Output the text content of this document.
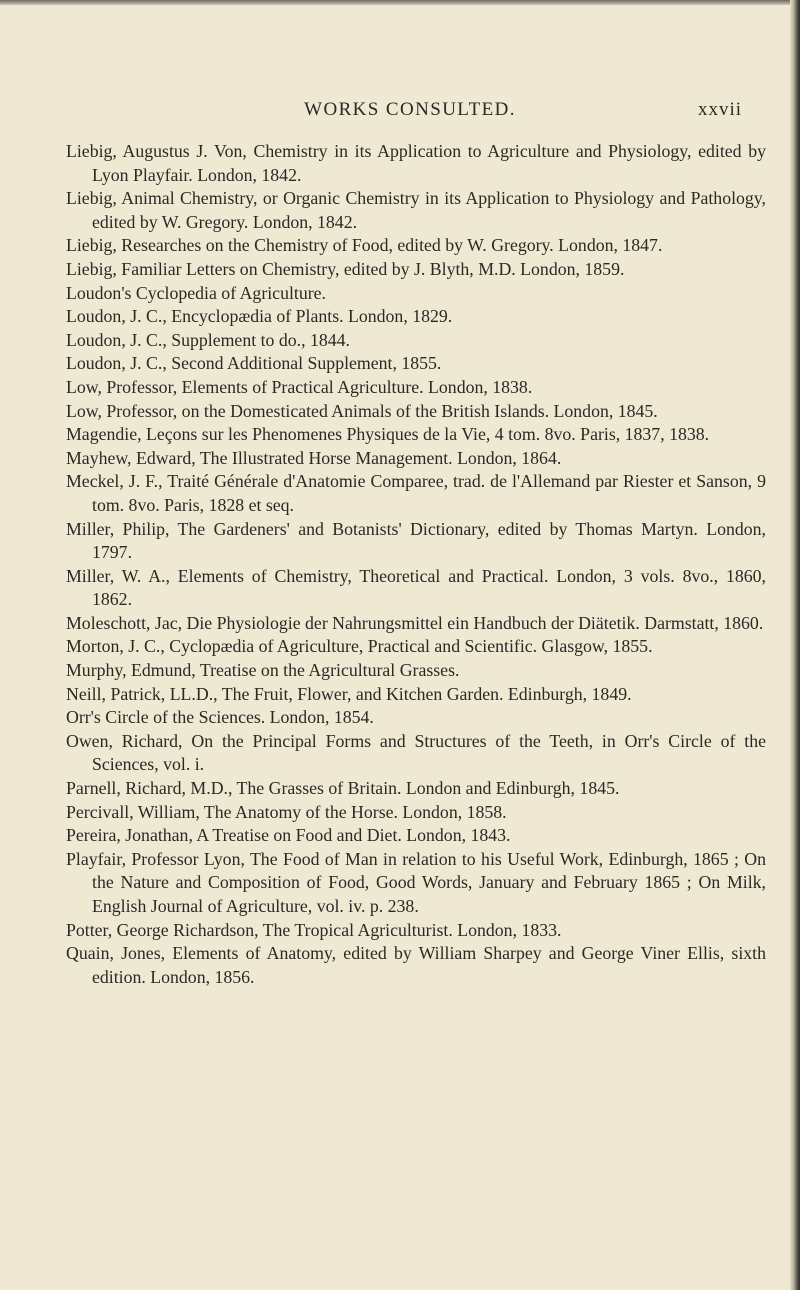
WORKS CONSULTED.	xxvii
Liebig, Augustus J. Von, Chemistry in its Application to Agriculture and Physiology, edited by Lyon Playfair. London, 1842.
Liebig, Animal Chemistry, or Organic Chemistry in its Application to Physiology and Pathology, edited by W. Gregory. London, 1842.
Liebig, Researches on the Chemistry of Food, edited by W. Gregory. London, 1847.
Liebig, Familiar Letters on Chemistry, edited by J. Blyth, M.D. London, 1859.
Loudon's Cyclopedia of Agriculture.
Loudon, J. C., Encyclopædia of Plants. London, 1829.
Loudon, J. C., Supplement to do., 1844.
Loudon, J. C., Second Additional Supplement, 1855.
Low, Professor, Elements of Practical Agriculture. London, 1838.
Low, Professor, on the Domesticated Animals of the British Islands. London, 1845.
Magendie, Leçons sur les Phenomenes Physiques de la Vie, 4 tom. 8vo. Paris, 1837, 1838.
Mayhew, Edward, The Illustrated Horse Management. London, 1864.
Meckel, J. F., Traité Générale d'Anatomie Comparee, trad. de l'Allemand par Riester et Sanson, 9 tom. 8vo. Paris, 1828 et seq.
Miller, Philip, The Gardeners' and Botanists' Dictionary, edited by Thomas Martyn. London, 1797.
Miller, W. A., Elements of Chemistry, Theoretical and Practical. London, 3 vols. 8vo., 1860, 1862.
Moleschott, Jac, Die Physiologie der Nahrungsmittel ein Handbuch der Diätetik. Darmstatt, 1860.
Morton, J. C., Cyclopædia of Agriculture, Practical and Scientific. Glasgow, 1855.
Murphy, Edmund, Treatise on the Agricultural Grasses.
Neill, Patrick, LL.D., The Fruit, Flower, and Kitchen Garden. Edinburgh, 1849.
Orr's Circle of the Sciences. London, 1854.
Owen, Richard, On the Principal Forms and Structures of the Teeth, in Orr's Circle of the Sciences, vol. i.
Parnell, Richard, M.D., The Grasses of Britain. London and Edinburgh, 1845.
Percivall, William, The Anatomy of the Horse. London, 1858.
Pereira, Jonathan, A Treatise on Food and Diet. London, 1843.
Playfair, Professor Lyon, The Food of Man in relation to his Useful Work, Edinburgh, 1865 ; On the Nature and Composition of Food, Good Words, January and February 1865 ; On Milk, English Journal of Agriculture, vol. iv. p. 238.
Potter, George Richardson, The Tropical Agriculturist. London, 1833.
Quain, Jones, Elements of Anatomy, edited by William Sharpey and George Viner Ellis, sixth edition. London, 1856.
